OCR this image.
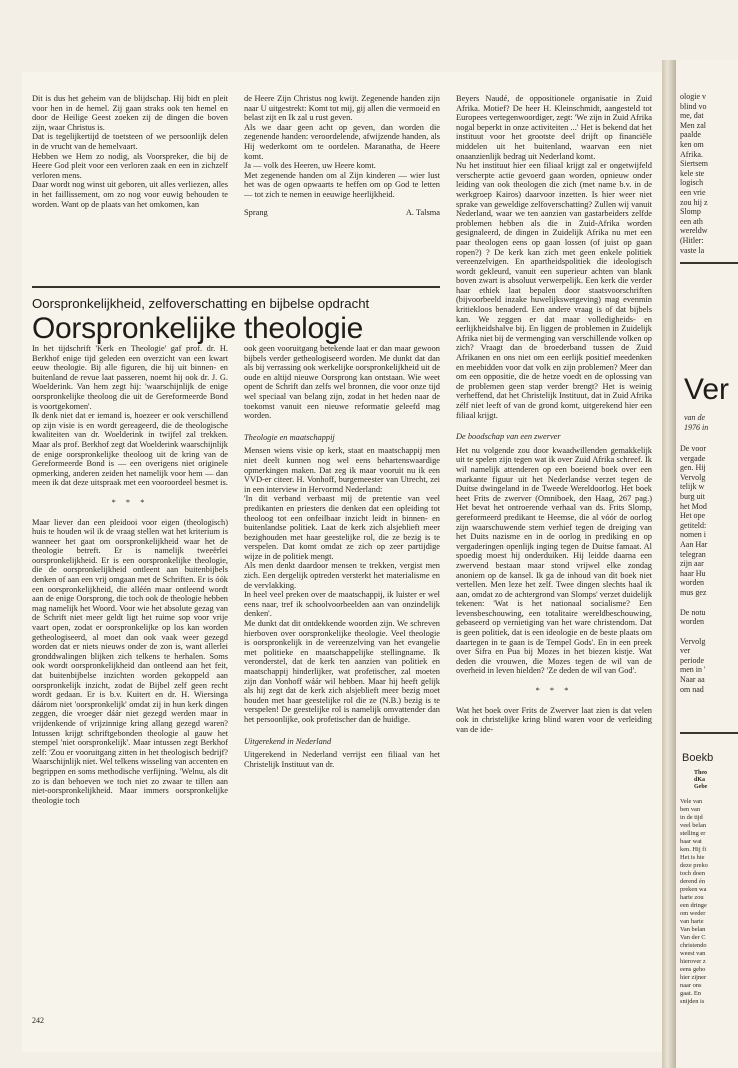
Dit is dus het geheim van de blijdschap. Hij bidt en pleit voor hen in de hemel. Zij gaan straks ook ten hemel en door de Heilige Geest zoeken zij de dingen die boven zijn, waar Christus is.

Dat is tegelijkertijd de toetsteen of we persoonlijk delen in de vrucht van de hemelvaart.

Hebben we Hem zo nodig, als Voorspreker, die bij de Heere God pleit voor een verloren zaak en een in zichzelf verloren mens.

Daar wordt nog winst uit geboren, uit alles verliezen, alles in het faillissement, om zo nog voor euwig behouden te worden. Want op de plaats van het omkomen, kan

de Heere Zijn Christus nog kwijt. Zegenende handen zijn naar U uitgestrekt: Komt tot mij, gij allen die vermoeid en belast zijt en Ik zal u rust geven.

Als we daar geen acht op geven, dan worden die zegenende handen: veroordelende, afwijzende handen, als Hij wederkomt om te oordelen. Maranatha, de Heere komt.

Ja — volk des Heeren, uw Heere komt.

Met zegenende handen om al Zijn kinderen — wier lust het was de ogen opwaarts te heffen om op God te letten — tot zich te nemen in eeuwige heerlijkheid.

Sprang	A. Talsma
Oorspronkelijkheid, zelfoverschatting en bijbelse opdracht
Oorspronkelijke theologie

In het tijdschrift 'Kerk en Theologie' gaf prof. dr. H. Berkhof enige tijd geleden een overzicht van een kwart eeuw theologie. Bij alle figuren, die hij uit binnen- en buitenland de revue laat passeren, noemt hij ook dr. J. G. Woelderink. Van hem zegt hij: 'waarschijnlijk de enige oorspronkelijke theoloog die uit de Gereformeerde Bond is voortgekomen'.

Ik denk niet dat er iemand is, hoezeer er ook verschillend op zijn visie is en wordt gereageerd, die de theologische kwaliteiten van dr. Woelderink in twijfel zal trekken. Maar als prof. Berkhof zegt dat Woelderink waarschijnlijk de enige oorspronkelijke theoloog uit de kring van de Gereformeerde Bond is — een overigens niet originele opmerking, anderen zeiden het namelijk voor hem — dan meen ik dat deze uitspraak met een vooroordeel besmet is.

* * *

Maar liever dan een pleidooi voor eigen (theologisch) huis te houden wil ik de vraag stellen wat het kriterium is wanneer het gaat om oorspronkelijkheid waar het de theologie betreft. Er is namelijk tweeërlei oorspronkelijkheid. Er is een oorspronkelijke theologie, die de oorspronkelijkheid ontleent aan buitenbijbels denken of aan een vrij omgaan met de Schriften. Er is óók een oorspronkelijkheid, die alléén maar ontleend wordt aan de enige Oorsprong, die toch ook de theologie hebben mag namelijk het Woord. Voor wie het absolute gezag van de Schrift niet meer geldt ligt het ruime sop voor vrije vaart open, zodat er oorspronkelijke op los kan worden getheologiseerd, al moet dan ook vaak weer gezegd worden dat er niets nieuws onder de zon is, want allerlei gronddwalingen blijken zich telkens te herhalen. Soms ook wordt oorspronkelijkheid dan ontleend aan het feit, dat buitenbijbelse inzichten worden gekoppeld aan oorspronkelijk inzicht, zodat de Bijbel zelf geen recht wordt gedaan. Er is b.v. Kuitert en dr. H. Wiersinga dáárom niet 'oorspronkelijk' omdat zij in hun kerk dingen zeggen, die vroeger dáár niet gezegd werden maar in vrijdenkende of vrijzinnige kring allang gezegd waren? Intussen krijgt schriftgebonden theologie al gauw het stempel 'niet oorspronkelijk'. Maar intussen zegt Berkhof zelf: 'Zou er vooruitgang zitten in het theologisch bedrijf? Waarschijnlijk niet. Wel telkens wisseling van accenten en begrippen en soms methodische verfijning. 'Welnu, als dit zo is dan behoeven we toch niet zo zwaar te tillen aan niet-oorspronkelijkheid. Maar immers oorspronkelijke theologie toch

ook geen vooruitgang betekende laat er dan maar gewoon bijbels verder getheologiseerd worden. Me dunkt dat dan als bij verrassing ook werkelijke oorspronkelijkheid uit de oude en altijd nieuwe Oorsprong kan ontstaan. Wie weet opent de Schrift dan zelfs wel bronnen, die voor onze tijd wel speciaal van belang zijn, zodat in het heden naar de toekomst vanuit een nieuwe reformatie geleefd mag worden.

Theologie en maatschappij

Mensen wiens visie op kerk, staat en maatschappij men niet deelt kunnen nog wel eens behartenswaardige opmerkingen maken. Dat zeg ik maar vooruit nu ik een VVD-er citeer. H. Vonhoff, burgemeester van Utrecht, zei in een interview in Hervormd Nederland:

'In dit verband verbaast mij de pretentie van veel predikanten en priesters die denken dat een opleiding tot theoloog tot een onfeilbaar inzicht leidt in binnen- en buitenlandse politiek. Laat de kerk zich alsjeblieft meer bezighouden met haar geestelijke rol, die ze bezig is te verspelen. Dat komt omdat ze zich op zeer partijdige wijze in de politiek mengt.

Als men denkt daardoor mensen te trekken, vergist men zich. Een dergelijk optreden versterkt het materialisme en de vervlakking.

In heel veel preken over de maatschappij, ik luister er wel eens naar, tref ik schoolvoorbeelden aan van onzindelijk denken'.

Me dunkt dat dit ontdekkende woorden zijn. We schreven hierboven over oorspronkelijke theologie. Veel theologie is oorspronkelijk in de vereenzelving van het evangelie met politieke en maatschappelijke stellingname. Ik veronderstel, dat de kerk ten aanzien van politiek en maatschappij hinderlijker, wat profetischer, zal moeten zijn dan Vonhoff wáár wil hebben. Maar hij heeft gelijk als hij zegt dat de kerk zich alsjeblieft meer bezig moet houden met haar geestelijke rol die ze (N.B.) bezig is te verspelen! De geestelijke rol is namelijk omvattender dan het persoonlijke, ook profetischer dan de huidige.

Uitgerekend in Nederland

Uitgerekend in Nederland verrijst een filiaal van het Christelijk Instituut van dr.

Beyers Naudé, de oppositionele organisatie in Zuid Afrika. Motief? De heer H. Kleinschmidt, aangesteld tot Europees vertegenwoordiger, zegt: 'We zijn in Zuid Afrika nogal beperkt in onze activiteiten ...' Het is bekend dat het instituut voor het grootste deel drijft op financiële middelen uit het buitenland, waarvan een niet onaanzienlijk bedrag uit Nederland komt.

Nu het instituut hier een filiaal krijgt zal er ongetwijfeld verscherpte actie gevoerd gaan worden, opnieuw onder leiding van ook theologen die zich (met name b.v. in de werkgroep Kairos) daarvoor inzetten. Is hier weer niet sprake van geweldige zelfoverschatting? Zullen wij vanuit Nederland, waar we ten aanzien van gastarbeiders zelfde problemen hebben als die in Zuid-Afrika worden gesignaleerd, de dingen in Zuidelijk Afrika nu met een paar theologen eens op gaan lossen (of juist op gaan ropen?) ? De kerk kan zich met geen enkele politiek vereenzelvigen. En apartheidspolitiek die ideologisch wordt gekleurd, vanuit een superieur achten van blank boven zwart is absoluut verwerpelijk. Een kerk die verder haar ethiek laat bepalen door staatsvoorschriften (bijvoorbeeld inzake huwelijkswetgeving) mag evenmin kritiekloos benaderd. Een andere vraag is of dat bijbels kan. We zeggen er dat maar volledigheids- en eerlijkheidshalve bij. En liggen de problemen in Zuidelijk Afrika niet bij de vermenging van verschillende volken op zich? Vraagt dan de broederband tussen de Zuid Afrikanen en ons niet om een eerlijk positief meedenken en meebidden voor dat volk en zijn problemen? Meer dan om een oppositie, die de hetze voedt en de oplossing van de problemen geen stap verder brengt? Het is weinig verheffend, dat het Christelijk Instituut, dat in Zuid Afrika zélf niet leeft of van de grond komt, uitgerekend hier een filiaal krijgt.

De boodschap van een zwerver

Het nu volgende zou door kwaadwillenden gemakkelijk uit te spelen zijn tegen wat ik over Zuid Afrika schreef. Ik wil namelijk attenderen op een boeiend boek over een markante figuur uit het Nederlandse verzet tegen de Duitse dwingeland in de Tweede Wereldoorlog. Het boek heet Frits de zwerver (Omniboek, den Haag, 267 pag.) Het bevat het ontroerende verhaal van ds. Frits Slomp, gereformeerd predikant te Heemse, die al vóór de oorlog zijn waarschuwende stem verhief tegen de dreiging van het Duits nazisme en in de oorlog in prediking en op vergaderingen openlijk inging tegen de Duitse famaat. Al spoedig moest hij onderduiken. Hij leidde daarna een zwervend bestaan maar stond vrijwel elke zondag anoniem op de kansel. Ik ga de inhoud van dit boek niet vertellen. Men leze het zelf. Twee dingen slechts haal ik aan, omdat zo de achtergrond van Slomps' verzet duidelijk tekenen: 'Wat is het nationaal socialisme? Een levensbeschouwing, een totalitaire wereldbeschouwing, gebaseerd op vernietiging van het ware christendom. Dat is geen politiek, dat is een ideologie en de beste plaats om daartegen in te gaan is de Tempel Gods'. En in een preek over Sifra en Pua bij Mozes in het biezen kistje. Wat deden die vrouwen, die Mozes tegen de wil van de overheid in leven hielden? 'Ze deden de wil van God'.

* * *

Wat het boek over Frits de Zwerver laat zien is dat velen ook in christelijke kring blind waren voor de verleiding van de ide-

242
ologie v
blind vo
me, dat
Men zal
paalde
ken om
Afrika.
Siertsem
kele ste
logisch
een vrie
zou hij z
Slomp
een ath
wereldw
(Hitler:
vaste la
Ver
van de
1976 in
De voor
vergade
gen. Hij
Vervolg
telijk w
burg uit
het Mod
Het ope
getiteld:
nomen i
Aan Har
telegran
zijn aar
haar Hu
worden
mus gez
De notu
worden
Vervolg
ver
periode
men in '
Naar aa
om nad
Boekb
Theo
dKa
Gebe
Vele van
ben van
in de tijd
veel belan
stelling er
baar wat
ken. Hij fi
Het is hie
deze preko
toch doen
derend én
preken wa
harte zou
een dringe
om weder
van harte
Van belan
Van der C
christendo
weest van
hierover z
eens geho
hier zijner
naar ons
gaat. En
snijden is
